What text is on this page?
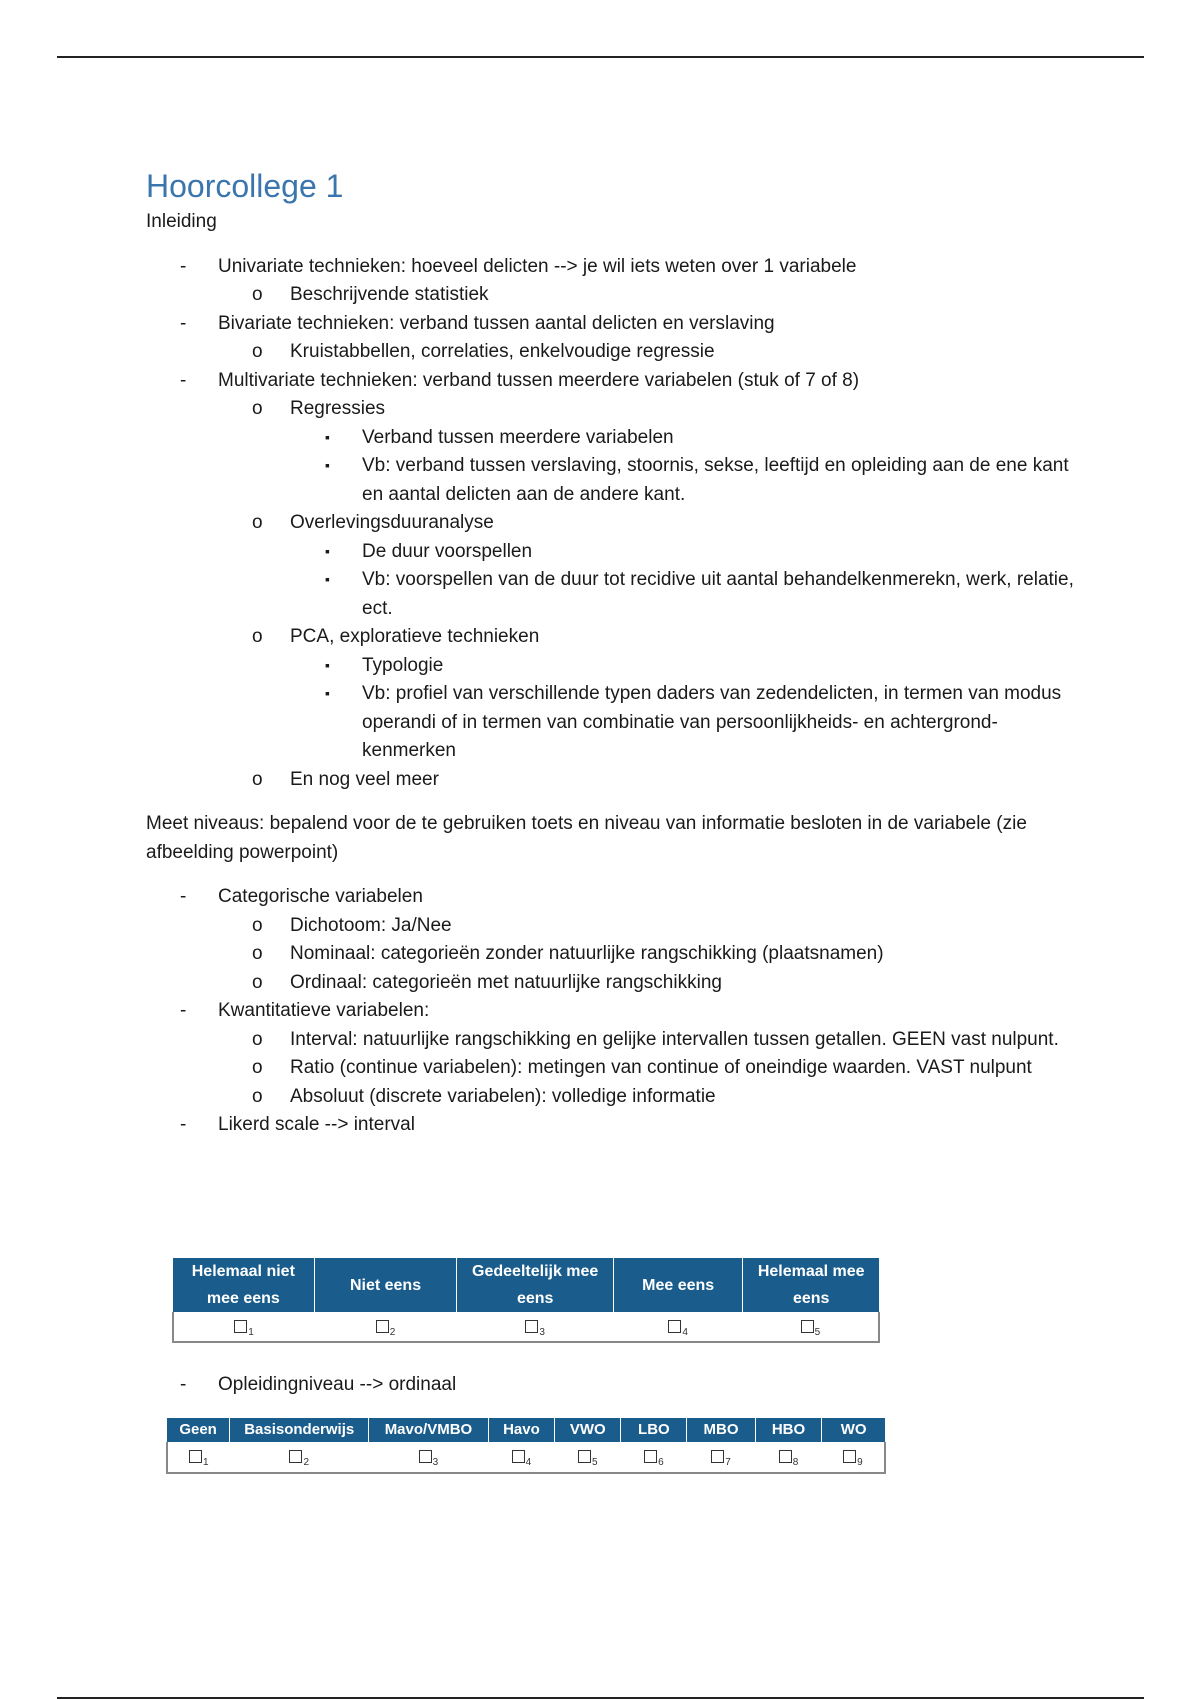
Hoorcollege 1
Inleiding
- Univariate technieken: hoeveel delicten --> je wil iets weten over 1 variabele
o Beschrijvende statistiek
- Bivariate technieken: verband tussen aantal delicten en verslaving
o Kruistabbellen, correlaties, enkelvoudige regressie
- Multivariate technieken: verband tussen meerdere variabelen (stuk of 7 of 8)
o Regressies
▪ Verband tussen meerdere variabelen
▪ Vb: verband tussen verslaving, stoornis, sekse, leeftijd en opleiding aan de ene kant en aantal delicten aan de andere kant.
o Overlevingsduuranalyse
▪ De duur voorspellen
▪ Vb: voorspellen van de duur tot recidive uit aantal behandelkenmerekn, werk, relatie, ect.
o PCA, exploratieve technieken
▪ Typologie
▪ Vb: profiel van verschillende typen daders van zedendelicten, in termen van modus operandi of in termen van combinatie van persoonlijkheids- en achtergrond-kenmerken
o En nog veel meer

Meet niveaus: bepalend voor de te gebruiken toets en niveau van informatie besloten in de variabele (zie afbeelding powerpoint)

- Categorische variabelen
o Dichotoom: Ja/Nee
o Nominaal: categorieën zonder natuurlijke rangschikking (plaatsnamen)
o Ordinaal: categorieën met natuurlijke rangschikking
- Kwantitatieve variabelen:
o Interval: natuurlijke rangschikking en gelijke intervallen tussen getallen. GEEN vast nulpunt.
o Ratio (continue variabelen): metingen van continue of oneindige waarden. VAST nulpunt
o Absoluut (discrete variabelen): volledige informatie
- Likerd scale --> interval
Helemaal niet mee eens	Niet eens	Gedeeltelijk mee eens	Mee eens	Helemaal mee eens
$_1$	$_2$	$_3$	$_4$	$_5$
- Opleidingniveau --> ordinaal
Geen	Basisonderwijs	Mavo/VMBO	Havo	VWO	LBO	MBO	HBO	WO
$_1$	$_2$	$_3$	$_4$	$_5$	$_6$	$_7$	$_8$	$_9$
